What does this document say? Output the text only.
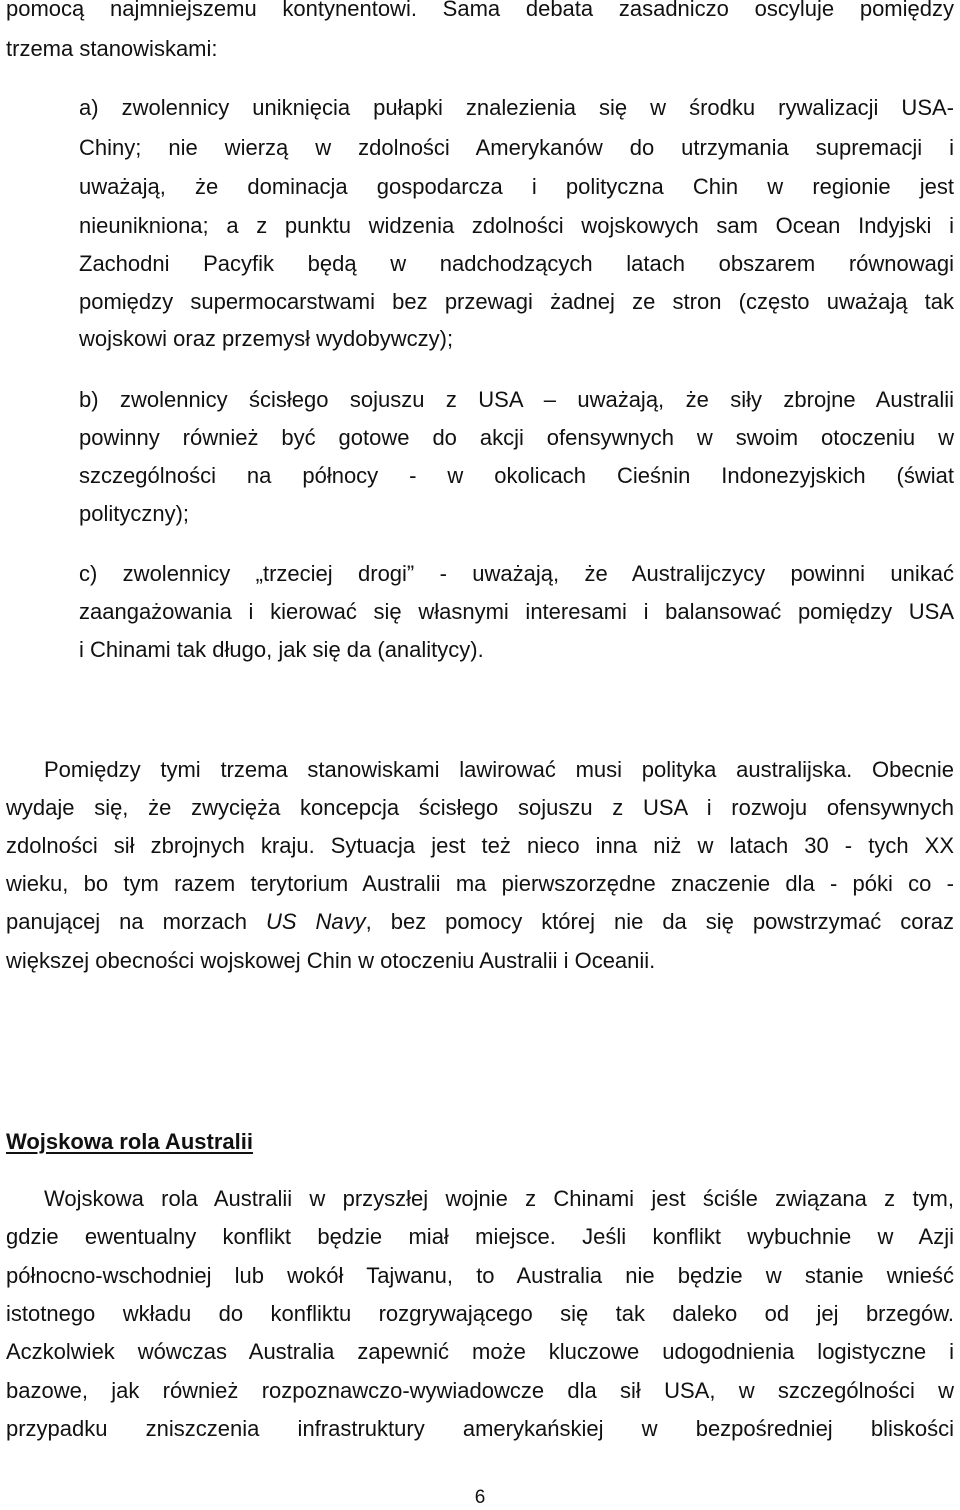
pomocą najmniejszemu kontynentowi. Sama debata zasadniczo oscyluje pomiędzy

trzema stanowiskami:

a) zwolennicy uniknięcia pułapki znalezienia się w środku rywalizacji USA-

Chiny; nie wierzą w zdolności Amerykanów do utrzymania supremacji i

uważają, że dominacja gospodarcza i polityczna Chin w regionie jest

nieunikniona; a z punktu widzenia zdolności wojskowych sam Ocean Indyjski i

Zachodni Pacyfik będą w nadchodzących latach obszarem równowagi

pomiędzy supermocarstwami bez przewagi żadnej ze stron (często uważają tak

wojskowi oraz przemysł wydobywczy);

b) zwolennicy ścisłego sojuszu z USA – uważają, że siły zbrojne Australii

powinny również być gotowe do akcji ofensywnych w swoim otoczeniu w

szczególności na północy - w okolicach Cieśnin Indonezyjskich (świat

polityczny);

c) zwolennicy „trzeciej drogi” - uważają, że Australijczycy powinni unikać

zaangażowania i kierować się własnymi interesami i balansować pomiędzy USA

i Chinami tak długo, jak się da (analitycy).

Pomiędzy tymi trzema stanowiskami lawirować musi polityka australijska. Obecnie

wydaje się, że zwycięża koncepcja ścisłego sojuszu z USA i rozwoju ofensywnych

zdolności sił zbrojnych kraju. Sytuacja jest też nieco inna niż w latach 30 - tych XX

wieku, bo tym razem terytorium Australii ma pierwszorzędne znaczenie dla - póki co -

panującej na morzach US Navy, bez pomocy której nie da się powstrzymać coraz

większej obecności wojskowej Chin w otoczeniu Australii i Oceanii.

Wojskowa rola Australii

Wojskowa rola Australii w przyszłej wojnie z Chinami jest ściśle związana z tym,

gdzie ewentualny konflikt będzie miał miejsce. Jeśli konflikt wybuchnie w Azji

północno-wschodniej lub wokół Tajwanu, to Australia nie będzie w stanie wnieść

istotnego wkładu do konfliktu rozgrywającego się tak daleko od jej brzegów.

Aczkolwiek wówczas Australia zapewnić może kluczowe udogodnienia logistyczne i

bazowe, jak również rozpoznawczo-wywiadowcze dla sił USA, w szczególności w

przypadku zniszczenia infrastruktury amerykańskiej w bezpośredniej bliskości

6
